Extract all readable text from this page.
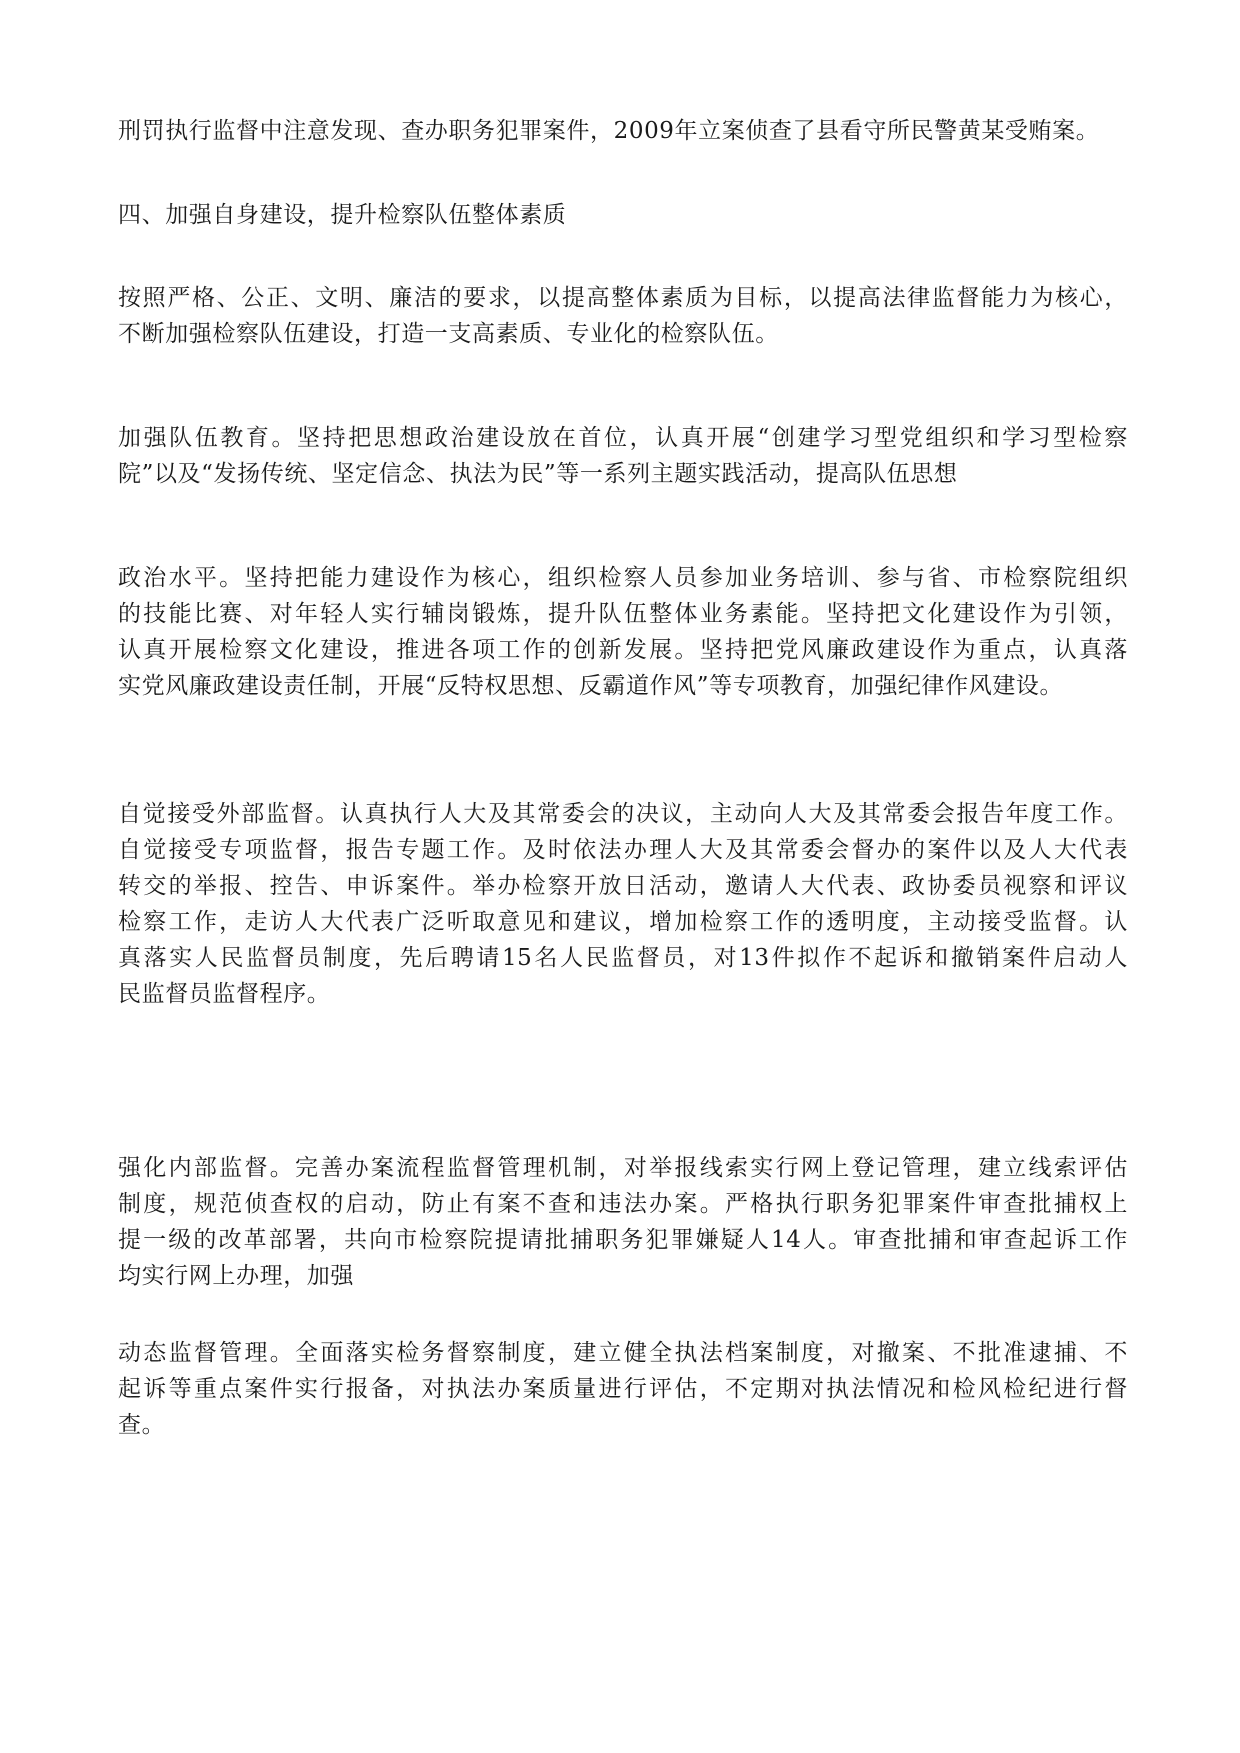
刑罚执行监督中注意发现、查办职务犯罪案件，2009年立案侦查了县看守所民警黄某受贿案。

四、加强自身建设，提升检察队伍整体素质

按照严格、公正、文明、廉洁的要求，以提高整体素质为目标，以提高法律监督能力为核心，
不断加强检察队伍建设，打造一支高素质、专业化的检察队伍。

加强队伍教育。坚持把思想政治建设放在首位，认真开展“创建学习型党组织和学习型检察
院”以及“发扬传统、坚定信念、执法为民”等一系列主题实践活动，提高队伍思想

政治水平。坚持把能力建设作为核心，组织检察人员参加业务培训、参与省、市检察院组织
的技能比赛、对年轻人实行辅岗锻炼，提升队伍整体业务素能。坚持把文化建设作为引领，
认真开展检察文化建设，推进各项工作的创新发展。坚持把党风廉政建设作为重点，认真落
实党风廉政建设责任制，开展“反特权思想、反霸道作风”等专项教育，加强纪律作风建设。

自觉接受外部监督。认真执行人大及其常委会的决议，主动向人大及其常委会报告年度工作。
自觉接受专项监督，报告专题工作。及时依法办理人大及其常委会督办的案件以及人大代表
转交的举报、控告、申诉案件。举办检察开放日活动，邀请人大代表、政协委员视察和评议
检察工作，走访人大代表广泛听取意见和建议，增加检察工作的透明度，主动接受监督。认
真落实人民监督员制度，先后聘请15名人民监督员，对13件拟作不起诉和撤销案件启动人
民监督员监督程序。

强化内部监督。完善办案流程监督管理机制，对举报线索实行网上登记管理，建立线索评估
制度，规范侦查权的启动，防止有案不查和违法办案。严格执行职务犯罪案件审查批捕权上
提一级的改革部署，共向市检察院提请批捕职务犯罪嫌疑人14人。审查批捕和审查起诉工作
均实行网上办理，加强

动态监督管理。全面落实检务督察制度，建立健全执法档案制度，对撤案、不批准逮捕、不
起诉等重点案件实行报备，对执法办案质量进行评估，不定期对执法情况和检风检纪进行督
查。
